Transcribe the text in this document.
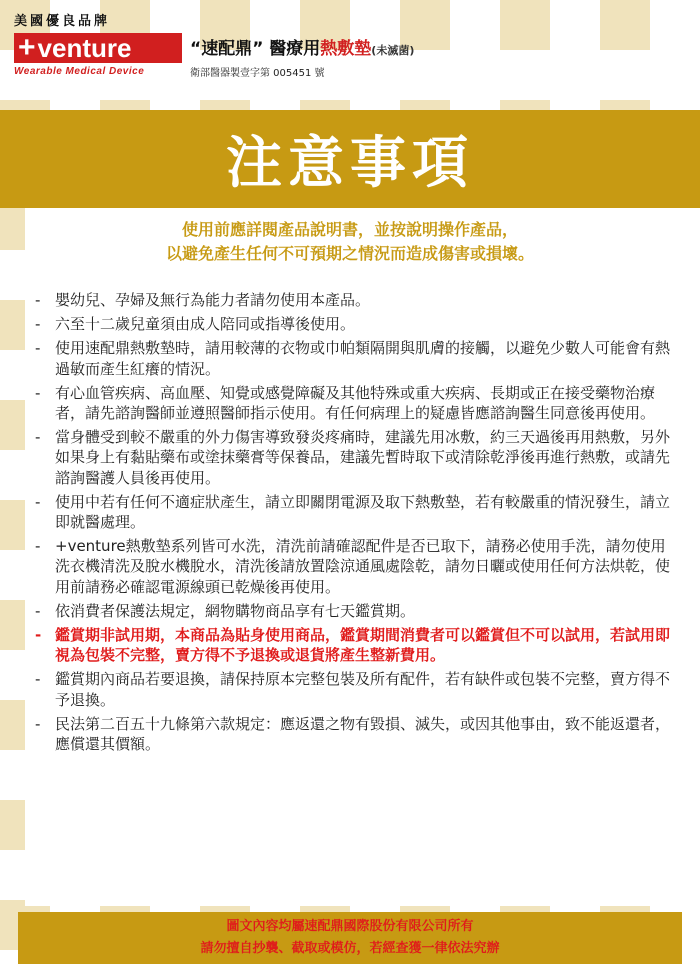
美國優良品牌
+ venture
Wearable Medical Device
“速配鼎” 醫療用熱敷墊(未滅菌)
衛部醫器製壹字第 005451 號
注意事項
使用前應詳閱產品說明書，並按說明操作產品，
以避免產生任何不可預期之情況而造成傷害或損壞。
- 嬰幼兒、孕婦及無行為能力者請勿使用本產品。
- 六至十二歲兒童須由成人陪同或指導後使用。
- 使用速配鼎熱敷墊時，請用較薄的衣物或巾帕類隔開與肌膚的接觸，以避免少數人可能會有熱過敏而產生紅癢的情況。
- 有心血管疾病、高血壓、知覺或感覺障礙及其他特殊或重大疾病、長期或正在接受藥物治療者，請先諮詢醫師並遵照醫師指示使用。有任何病理上的疑慮皆應諮詢醫生同意後再使用。
- 當身體受到較不嚴重的外力傷害導致發炎疼痛時，建議先用冰敷，約三天過後再用熱敷，另外如果身上有黏貼藥布或塗抹藥膏等保養品，建議先暫時取下或清除乾淨後再進行熱敷，或請先諮詢醫護人員後再使用。
- 使用中若有任何不適症狀產生，請立即關閉電源及取下熱敷墊，若有較嚴重的情況發生，請立即就醫處理。
- +venture熱敷墊系列皆可水洗，清洗前請確認配件是否已取下，請務必使用手洗，請勿使用洗衣機清洗及脫水機脫水，清洗後請放置陰涼通風處陰乾，請勿日曬或使用任何方法烘乾，使用前請務必確認電源線頭已乾燥後再使用。
- 依消費者保護法規定，網物購物商品享有七天鑑賞期。
- 鑑賞期非試用期，本商品為貼身使用商品，鑑賞期間消費者可以鑑賞但不可以試用，若試用即視為包裝不完整，賣方得不予退換或退貨將產生整新費用。
- 鑑賞期內商品若要退換，請保持原本完整包裝及所有配件，若有缺件或包裝不完整，賣方得不予退換。
- 民法第二百五十九條第六款規定：應返還之物有毀損、滅失，或因其他事由，致不能返還者，應償還其價額。
圖文內容均屬速配鼎國際股份有限公司所有
請勿擅自抄襲、截取或模仿，若經查獲一律依法究辦
